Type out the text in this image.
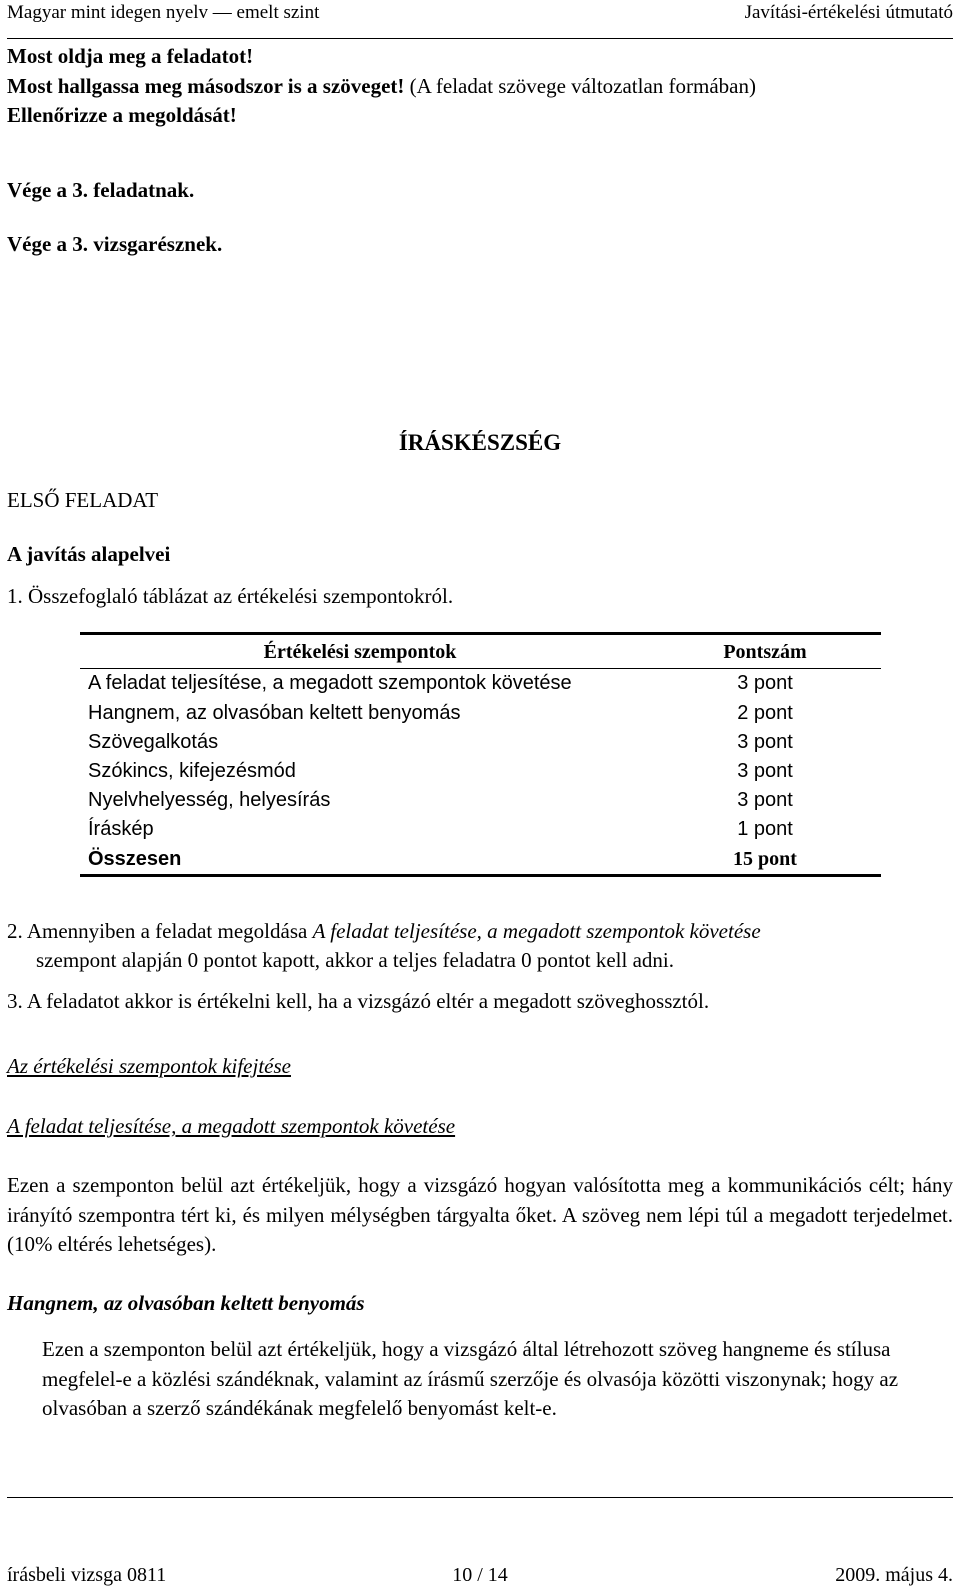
Magyar mint idegen nyelv — emelt szint	Javítási-értékelési útmutató
Most oldja meg a feladatot!
Most hallgassa meg másodszor is a szöveget! (A feladat szövege változatlan formában)
Ellenőrizze a megoldását!
Vége a 3. feladatnak.
Vége a 3. vizsgarésznek.
ÍRÁSKÉSZSÉG
ELSŐ FELADAT
A javítás alapelvei
1. Összefoglaló táblázat az értékelési szempontokról.
Értékelési szempontok	Pontszám
A feladat teljesítése, a megadott szempontok követése	3 pont
Hangnem, az olvasóban keltett benyomás	2 pont
Szövegalkotás	3 pont
Szókincs, kifejezésmód	3 pont
Nyelvhelyesség, helyesírás	3 pont
Íráskép	1 pont
Összesen	15 pont
2. Amennyiben a feladat megoldása A feladat teljesítése, a megadott szempontok követése
szempont alapján 0 pontot kapott, akkor a teljes feladatra 0 pontot kell adni.
3. A feladatot akkor is értékelni kell, ha a vizsgázó eltér a megadott szöveghossztól.
Az értékelési szempontok kifejtése
A feladat teljesítése, a megadott szempontok követése
Ezen a szemponton belül azt értékeljük, hogy a vizsgázó hogyan valósította meg a kommunikációs célt; hány irányító szempontra tért ki, és milyen mélységben tárgyalta őket. A szöveg nem lépi túl a megadott terjedelmet. (10% eltérés lehetséges).
Hangnem, az olvasóban keltett benyomás
Ezen a szemponton belül azt értékeljük, hogy a vizsgázó által létrehozott szöveg hangneme és stílusa megfelel-e a közlési szándéknak, valamint az írásmű szerzője és olvasója közötti viszonynak; hogy az olvasóban a szerző szándékának megfelelő benyomást kelt-e.
írásbeli vizsga 0811	10 / 14	2009. május 4.
